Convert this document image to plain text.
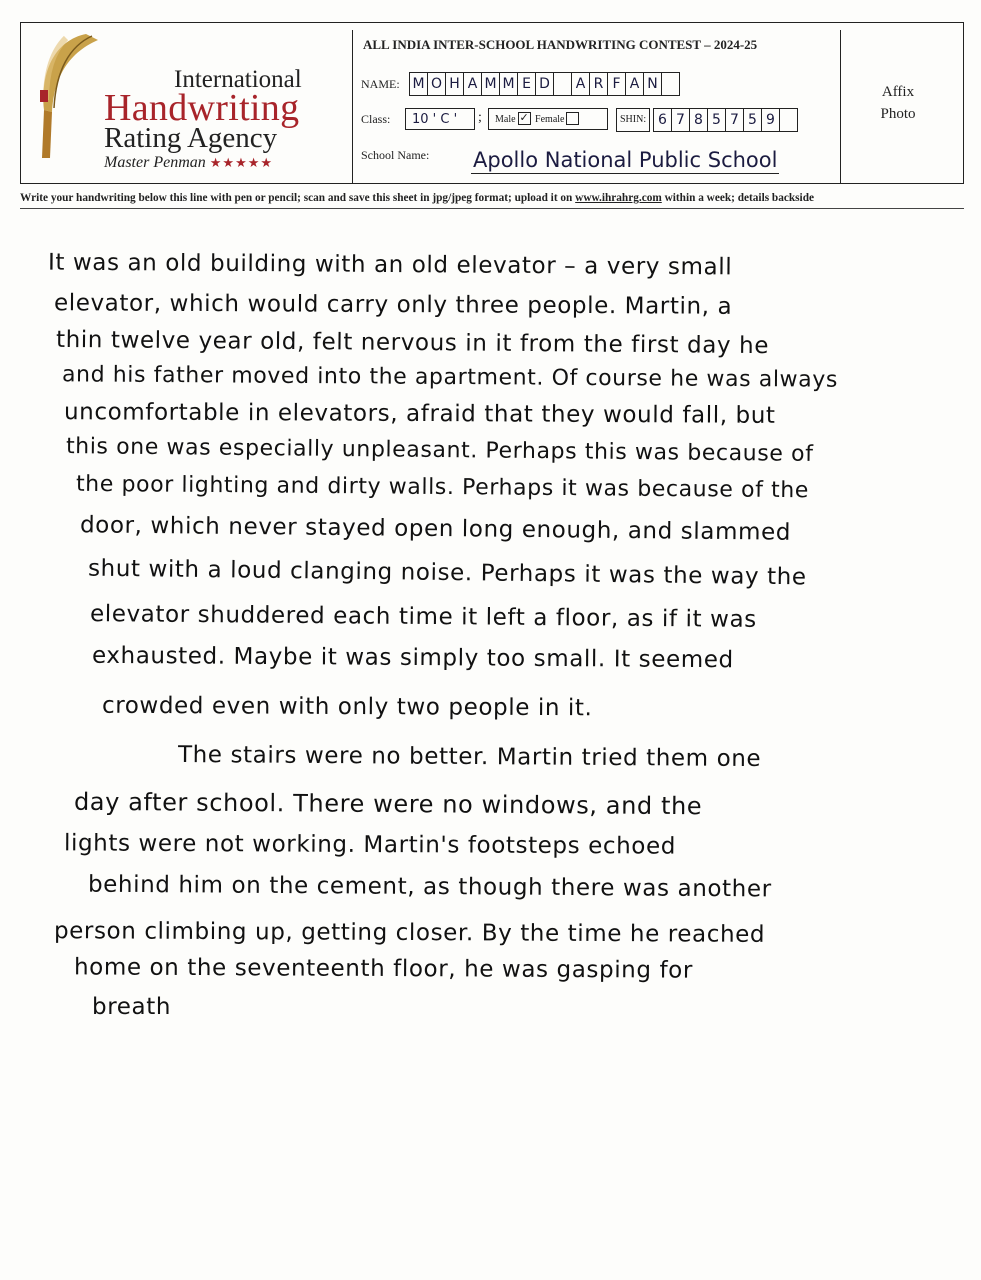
International
Handwriting
Rating Agency
Master Penman ★★★★★
ALL INDIA INTER-SCHOOL HANDWRITING CONTEST – 2024-25
NAME: M O H A M M E D	A R F A N
Class:	10 ' C '	;	Male ✓ Female	SHIN: 6 7 8 5 7 5 9
School Name: Apollo National Public School
Affix
Photo
Write your handwriting below this line with pen or pencil; scan and save this sheet in jpg/jpeg format; upload it on www.ihrahrg.com within a week; details backside
It was an old building with an old elevator – a very small
elevator, which would carry only three people. Martin, a
thin twelve year old, felt nervous in it from the first day he
and his father moved into the apartment. Of course he was always
uncomfortable in elevators, afraid that they would fall, but
this one was especially unpleasant. Perhaps this was because of
the poor lighting and dirty walls. Perhaps it was because of the
door, which never stayed open long enough, and slammed
shut with a loud clanging noise. Perhaps it was the way the
elevator shuddered each time it left a floor, as if it was
exhausted. Maybe it was simply too small. It seemed
crowded even with only two people in it.
The stairs were no better. Martin tried them one
day after school. There were no windows, and the
lights were not working. Martin's footsteps echoed
behind him on the cement, as though there was another
person climbing up, getting closer. By the time he reached
home on the seventeenth floor, he was gasping for
breath
